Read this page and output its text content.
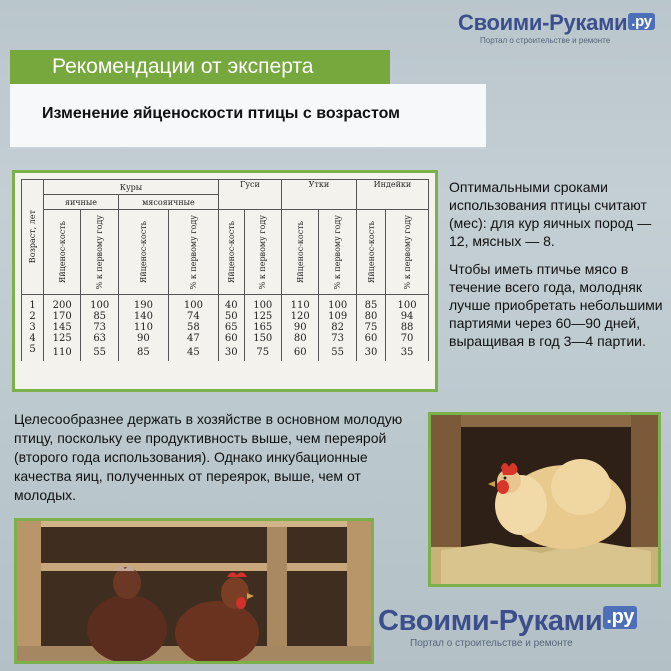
Своими-Руками .ру
Портал о строительстве и ремонте
Рекомендации от эксперта
Изменение яйценоскости птицы с возрастом
Возраст, лет	Куры				Гуси		Утки		Индейки	
	яичные		мясояичные							

	Яйценос-кость	% к первому году	Яйценос-кость	% к первому году	Яйценос-кость	% к первому году	Яйценос-кость	% к первому году	Яйценос-кость	% к первому году

1	200	100	190	100	40	100	110	100	85	100
2	170	85	140	74	50	125	120	109	80	94
3	145	73	110	58	65	165	90	82	75	88
4	125	63	90	47	60	150	80	73	60	70
5	110	55	85	45	30	75	60	55	30	35

Оптимальными сроками использования птицы считают (мес): для кур яичных пород — 12, мясных — 8.

Чтобы иметь птичье мясо в течение всего года, молодняк лучше приобретать небольшими партиями через 60—90 дней, выращивая в год 3—4 партии.

Целесообразнее держать в хозяйстве в основном молодую птицу, поскольку ее продуктивность выше, чем переярой (второго года использования). Однако инкубационные качества яиц, полученных от переярок, выше, чем от молодых.
Своими-Руками .ру
Портал о строительстве и ремонте
